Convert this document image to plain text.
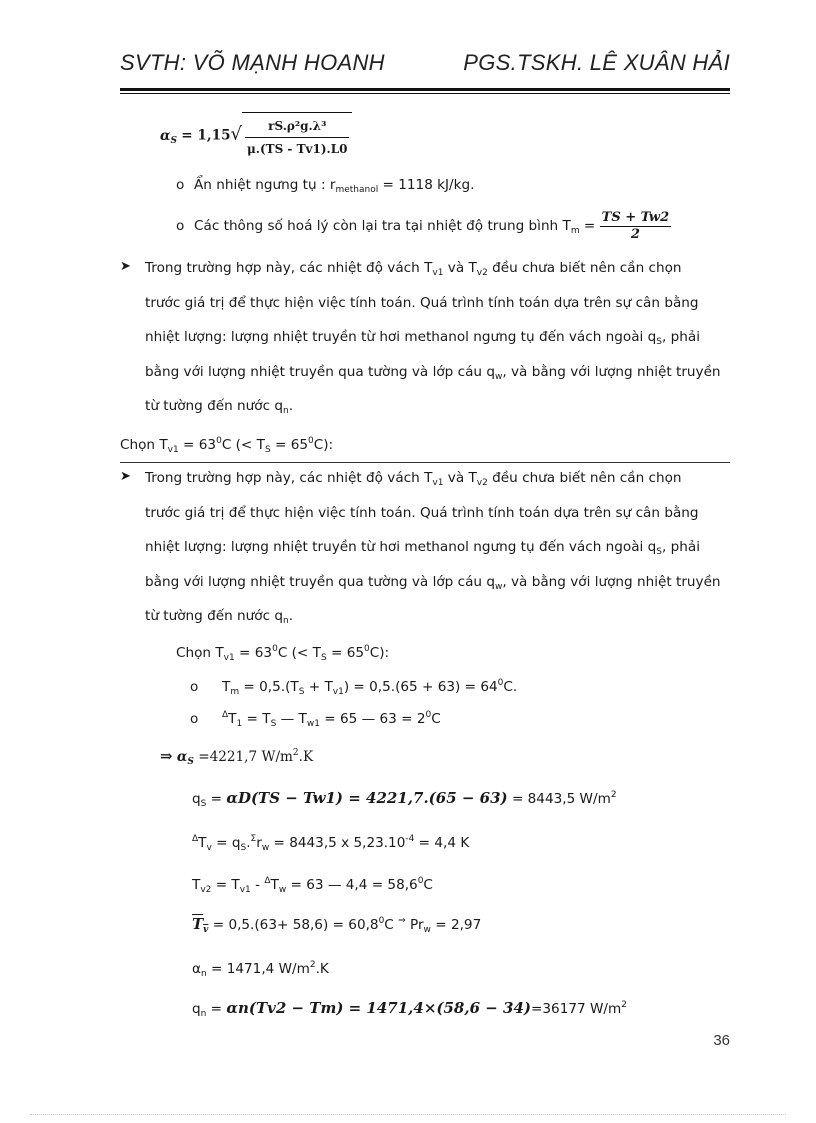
SVTH: VÕ MẠNH HOANH	PGS.TSKH. LÊ XUÂN HẢI
$\alpha_S = 1,15√ \frac{\text{rS.ρ²g.λ³}}{\mu.(TS - Tv1).L0}$
o Ẩn nhiệt ngưng tụ : $r_{methanol} = 1118$ kJ/kg.
o Các thông số hoá lý còn lại tra tại nhiệt độ trung bình $T_m = \frac{TS + Tw2}{2}$
➤ Trong trường hợp này, các nhiệt độ vách $T_{v1}$ và $T_{v2}$ đều chưa biết nên cần chọn
trước giá trị để thực hiện việc tính toán. Quá trình tính toán dựa trên sự cân bằng
nhiệt lượng: lượng nhiệt truyền từ hơi methanol ngưng tụ đến vách ngoài $q_S$, phải
bằng với lượng nhiệt truyền qua tường và lớp cáu $q_w$, và bằng với lượng nhiệt truyền
từ tường đến nước $q_n$.
Chọn $T_{v1} = 63^0C$ (< $T_S = 65^0C$):
➤ Trong trường hợp này, các nhiệt độ vách $T_{v1}$ và $T_{v2}$ đều chưa biết nên cần chọn
trước giá trị để thực hiện việc tính toán. Quá trình tính toán dựa trên sự cân bằng
nhiệt lượng: lượng nhiệt truyền từ hơi methanol ngưng tụ đến vách ngoài $q_S$, phải
bằng với lượng nhiệt truyền qua tường và lớp cáu $q_w$, và bằng với lượng nhiệt truyền
từ tường đến nước $q_n$.
Chọn $T_{v1} = 63^0C$ (< $T_S = 65^0C$):
o $T_m = 0,5.(T_S + T_{v1}) = 0,5.(65 + 63) = 64^0C$.
o	$^\Delta T_1 = T_S$ — $T_{w1} = 65$ — $63 = 2^0C$
⇒ $\alpha_S =4221,7$ $W/m^2.K$
$q_S = \alpha D(TS - Tw1) = 4221,7.(65 - 63) = 8443,5$ $W/m^2$
$^\Delta T_v = q_S.^\Sigma r_w = 8443,5$ x $5,23.10^{-4} = 4,4$ K
$T_{v2} = T_{v1} - ^\Delta T_w = 63$ — $4,4 = 58,6^0C$
$T_v = 0,5.(63+ 58,6) = 60,8^0C$ ⇒ $Pr_w = 2,97$
$\alpha_n = 1471,4$ $W/m^2.K$
$q_n = \alpha n(Tv2 - Tm) = 1471,4\times(58,6 - 34)=36177$ $W/m^2$
36
